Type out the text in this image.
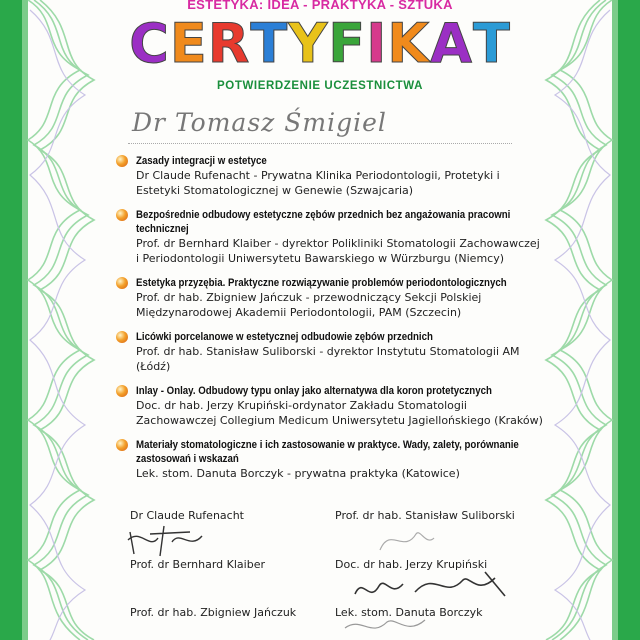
ESTETYKA: IDEA - PRAKTYKA - SZTUKA
CERTYFIKAT
POTWIERDZENIE UCZESTNICTWA
Dr Tomasz Śmigiel
Zasady integracji w estetyce
Dr Claude Rufenacht - Prywatna Klinika Periodontologii, Protetyki i Estetyki Stomatologicznej w Genewie (Szwajcaria)
Bezpośrednie odbudowy estetyczne zębów przednich bez angażowania pracowni technicznej
Prof. dr Bernhard Klaiber - dyrektor Polikliniki Stomatologii Zachowawczej i Periodontologii Uniwersytetu Bawarskiego w Würzburgu (Niemcy)
Estetyka przyzębia. Praktyczne rozwiązywanie problemów periodontologicznych
Prof. dr hab. Zbigniew Jańczuk - przewodniczący Sekcji Polskiej Międzynarodowej Akademii Periodontologii, PAM (Szczecin)
Licówki porcelanowe w estetycznej odbudowie zębów przednich
Prof. dr hab. Stanisław Suliborski - dyrektor Instytutu Stomatologii AM (Łódź)
Inlay - Onlay. Odbudowy typu onlay jako alternatywa dla koron protetycznych
Doc. dr hab. Jerzy Krupiński-ordynator Zakładu Stomatologii Zachowawczej Collegium Medicum Uniwersytetu Jagiellońskiego (Kraków)
Materiały stomatologiczne i ich zastosowanie w praktyce. Wady, zalety, porównanie zastosowań i wskazań
Lek. stom. Danuta Borczyk - prywatna praktyka (Katowice)
Dr Claude Rufenacht
Prof. dr Bernhard Klaiber
Prof. dr hab. Zbigniew Jańczuk
Prof. dr hab. Stanisław Suliborski
Doc. dr hab. Jerzy Krupiński
Lek. stom. Danuta Borczyk
